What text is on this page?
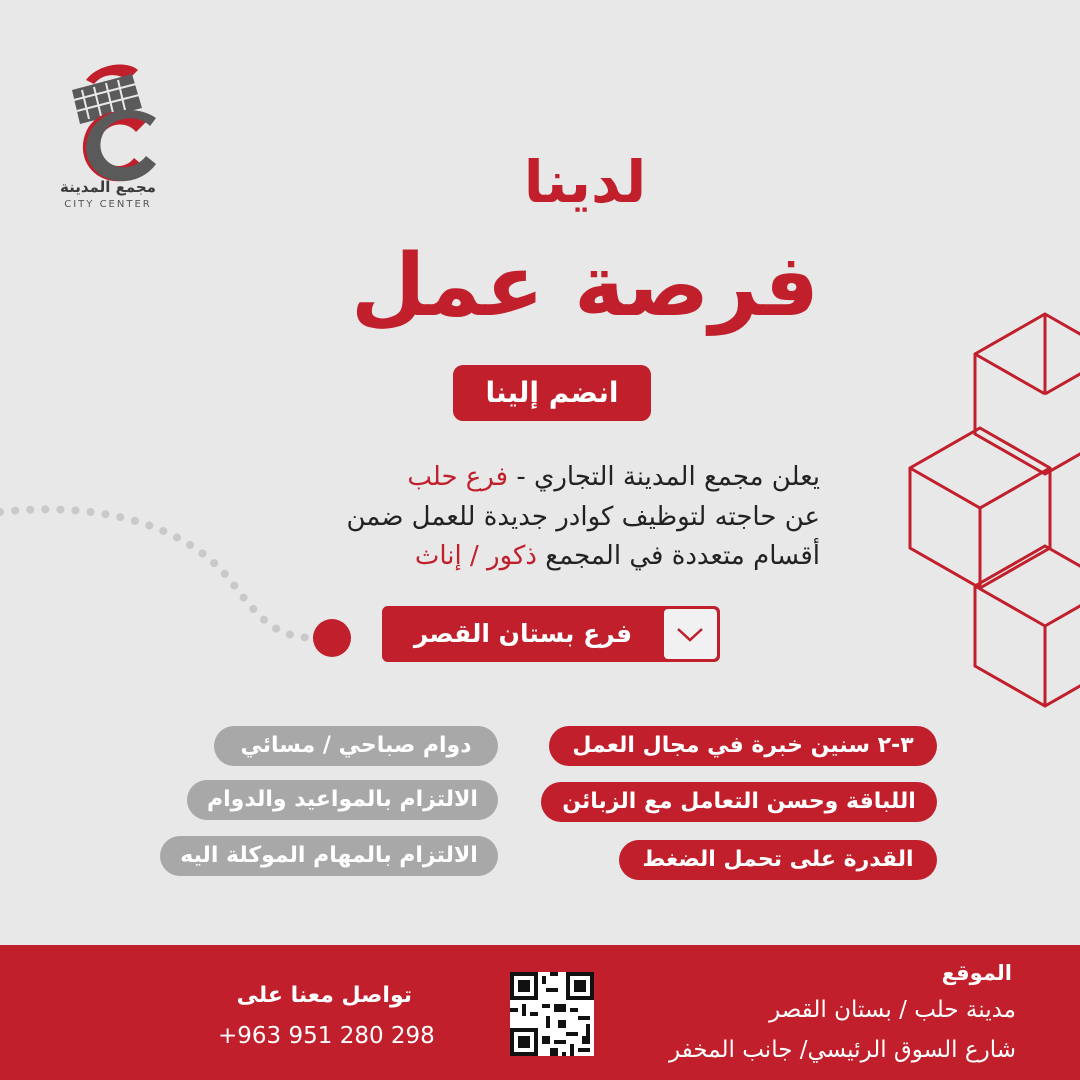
مجمع المدينة
CITY CENTER	لدينا
فرصة عمل
انضم إلينا
يعلن مجمع المدينة التجاري - فرع حلب
عن حاجته لتوظيف كوادر جديدة للعمل ضمن
أقسام متعددة في المجمع ذكور / إناث
فرع بستان القصر
٣-٢ سنين خبرة في مجال العمل
اللباقة وحسن التعامل مع الزبائن
القدرة على تحمل الضغط
دوام صباحي / مسائي
الالتزام بالمواعيد والدوام
الالتزام بالمهام الموكلة اليه
تواصل معنا على
+963 951 280 298
الموقع
مدينة حلب / بستان القصر
شارع السوق الرئيسي/ جانب المخفر
